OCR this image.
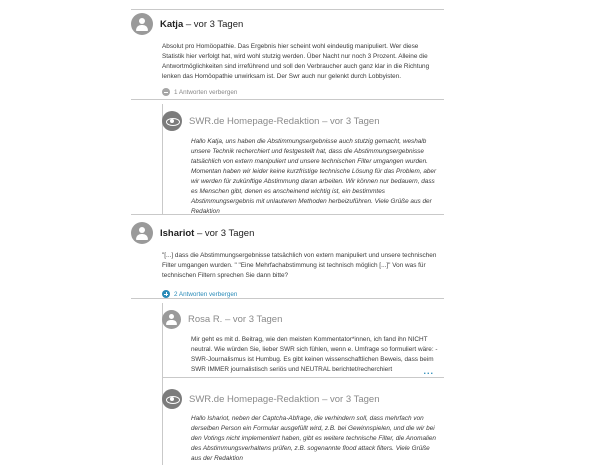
Katja – vor 3 Tagen
Absolut pro Homöopathie. Das Ergebnis hier scheint wohl eindeutig manipuliert. Wer diese Statistik hier verfolgt hat, wird wohl stutzig werden. Über Nacht nur noch 3 Prozent. Alleine die Antwortmöglichkeiten sind irreführend und soll den Verbraucher auch ganz klar in die Richtung lenken das Homöopathie unwirksam ist. Der Swr auch nur gelenkt durch Lobbyisten.
1 Antworten verbergen
SWR.de Homepage-Redaktion – vor 3 Tagen
Hallo Katja, uns haben die Abstimmungsergebnisse auch stutzig gemacht, weshalb unsere Technik recherchiert und festgestellt hat, dass die Abstimmungsergebnisse tatsächlich von extern manipuliert und unsere technischen Filter umgangen wurden. Momentan haben wir leider keine kurzfristige technische Lösung für das Problem, aber wir werden für zukünftige Abstimmung daran arbeiten. Wir können nur bedauern, dass es Menschen gibt, denen es anscheinend wichtig ist, ein bestimmtes Abstimmungsergebnis mit unlauteren Methoden herbeizuführen. Viele Grüße aus der Redaktion
Ishariot – vor 3 Tagen
"[...] dass die Abstimmungsergebnisse tatsächlich von extern manipuliert und unsere technischen Filter umgangen wurden. " "Eine Mehrfachabstimmung ist technisch möglich [...]" Von was für technischen Filtern sprechen Sie dann bitte?
2 Antworten verbergen
Rosa R. – vor 3 Tagen
Mir geht es mit d. Beitrag, wie den meisten Kommentator*innen, ich fand ihn NICHT neutral. Wie würden Sie, lieber SWR sich fühlen, wenn e. Umfrage so formuliert wäre: - SWR-Journalismus ist Humbug. Es gibt keinen wissenschaftlichen Beweis, dass beim SWR IMMER journalistisch seriös und NEUTRAL berichtet/recherchiert	...
SWR.de Homepage-Redaktion – vor 3 Tagen
Hallo Ishariot, neben der Captcha-Abfrage, die verhindern soll, dass mehrfach von derselben Person ein Formular ausgefüllt wird, z.B. bei Gewinnspielen, und die wir bei den Votings nicht implementiert haben, gibt es weitere technische Filter, die Anomalien des Abstimmungsverhaltens prüfen, z.B. sogenannte flood attack filters. Viele Grüße aus der Redaktion
